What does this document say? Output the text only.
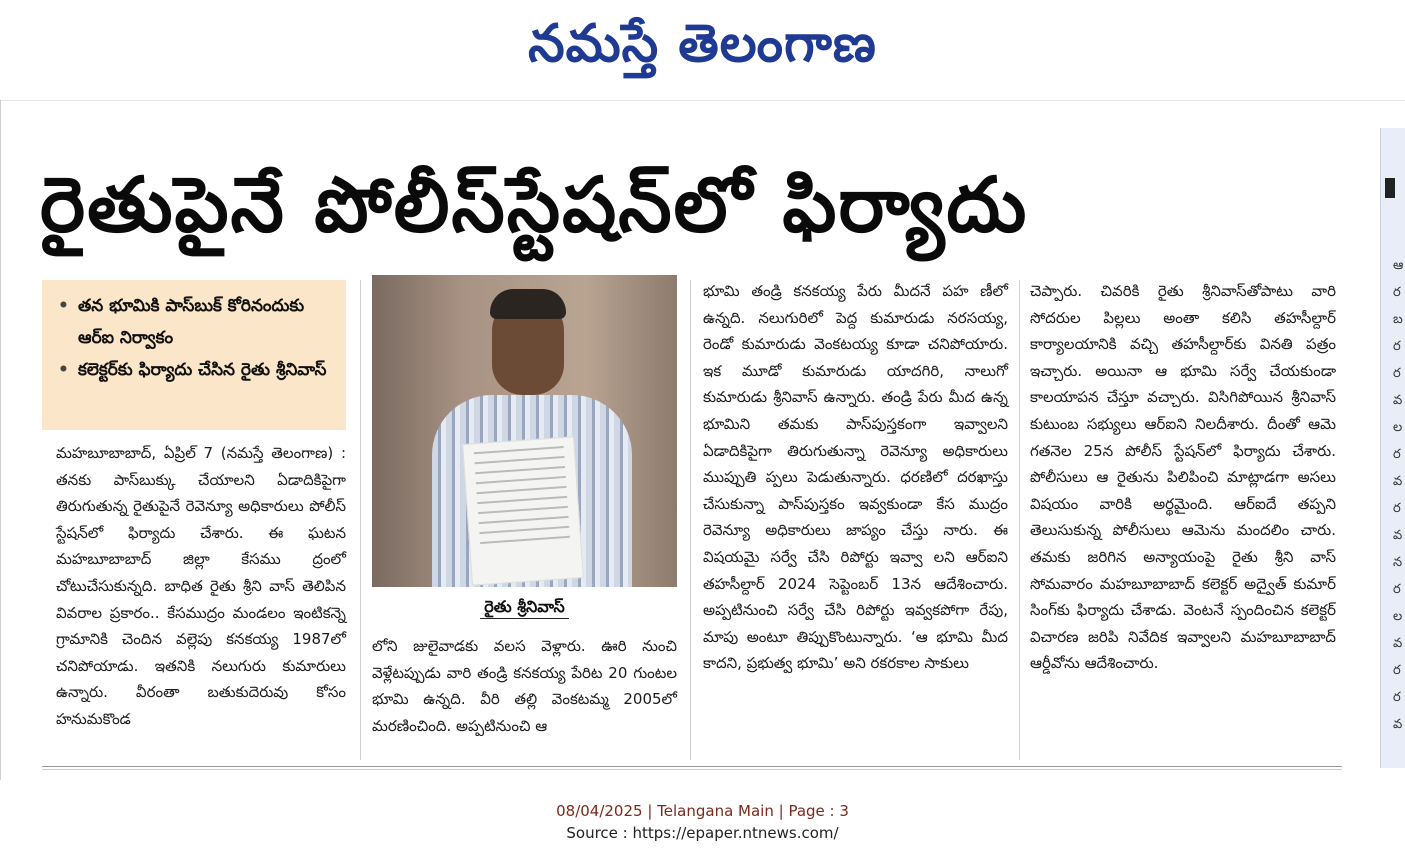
నమస్తే తెలంగాణ
రైతుపైనే పోలీస్‌స్టేషన్‌లో ఫిర్యాదు
ఆ
ర
బ
ర
ర
వ
ల
ర
వ
ర
వ
న
ర
ల
వ
ర
ర
వ
• తన భూమికి పాస్‌బుక్ కోరినందుకు ఆర్‌ఐ నిర్వాకం
• కలెక్టర్‌కు ఫిర్యాదు చేసిన రైతు శ్రీనివాస్
మహబూబాబాద్, ఏప్రిల్ 7 (నమస్తే తెలంగాణ) : తనకు పాస్‌బుక్కు చేయాలని ఏడాదికిపైగా తిరుగుతున్న రైతుపైనే రెవెన్యూ అధికారులు పోలీస్ స్టేషన్‌లో ఫిర్యాదు చేశారు. ఈ ఘటన మహబూబాబాద్ జిల్లా కేసము ద్రంలో చోటుచేసుకున్నది. బాధిత రైతు శ్రీని వాస్ తెలిపిన వివరాల ప్రకారం.. కేసముద్రం మండలం ఇంటికన్నె గ్రామానికి చెందిన వల్లెపు కనకయ్య 1987లో చనిపోయాడు. ఇతనికి నలుగురు కుమారులు ఉన్నారు. వీరంతా బతుకుదెరువు కోసం హనుమకొండ
రైతు శ్రీనివాస్
లోని జులైవాడకు వలస వెళ్లారు. ఊరి నుంచి వెళ్లేటప్పుడు వారి తండ్రి కనకయ్య పేరిట 20 గుంటల భూమి ఉన్నది. వీరి తల్లి వెంకటమ్మ 2005లో మరణించింది. అప్పటినుంచి ఆ
భూమి తండ్రి కనకయ్య పేరు మీదనే పహ ణీలో ఉన్నది. నలుగురిలో పెద్ద కుమారుడు నరసయ్య, రెండో కుమారుడు వెంకటయ్య కూడా చనిపోయారు. ఇక మూడో కుమారుడు యాదగిరి, నాలుగో కుమారుడు శ్రీనివాస్ ఉన్నారు. తండ్రి పేరు మీద ఉన్న భూమిని తమకు పాస్‌పుస్తకంగా ఇవ్వాలని ఏడాదికిపైగా తిరుగుతున్నా రెవెన్యూ అధికారులు ముప్పుతి ప్పలు పెడుతున్నారు. ధరణిలో దరఖాస్తు చేసుకున్నా పాస్‌పుస్తకం ఇవ్వకుండా కేస ముద్రం రెవెన్యూ అధికారులు జాప్యం చేస్తు నారు. ఈ విషయమై సర్వే చేసి రిపోర్టు ఇవ్వా లని ఆర్‌ఐని తహసీల్దార్ 2024 సెప్టెంబర్ 13న ఆదేశించారు. అప్పటినుంచి సర్వే చేసి రిపోర్టు ఇవ్వకపోగా రేపు, మాపు అంటూ తిప్పుకొంటున్నారు. ‘ఆ భూమి మీద కాదని, ప్రభుత్వ భూమి’ అని రకరకాల సాకులు
చెప్పారు. చివరికి రైతు శ్రీనివాస్‌తోపాటు వారి సోదరుల పిల్లలు అంతా కలిసి తహసీల్దార్ కార్యాలయానికి వచ్చి తహసీల్దార్‌కు వినతి పత్రం ఇచ్చారు. అయినా ఆ భూమి సర్వే చేయకుండా కాలయాపన చేస్తూ వచ్చారు. విసిగిపోయిన శ్రీనివాస్ కుటుంబ సభ్యులు ఆర్‌ఐని నిలదీశారు. దీంతో ఆమె గతనెల 25న పోలీస్ స్టేషన్‌లో ఫిర్యాదు చేశారు. పోలీసులు ఆ రైతును పిలిపించి మాట్లాడగా అసలు విషయం వారికి అర్థమైంది. ఆర్‌ఐదే తప్పని తెలుసుకున్న పోలీసులు ఆమెను మందలిం చారు. తమకు జరిగిన అన్యాయంపై రైతు శ్రీని వాస్ సోమవారం మహబూబాబాద్ కలెక్టర్ అద్వైత్ కుమార్ సింగ్‌కు ఫిర్యాదు చేశాడు. వెంటనే స్పందించిన కలెక్టర్ విచారణ జరిపి నివేదిక ఇవ్వాలని మహబూబాబాద్ ఆర్డీవోను ఆదేశించారు.
08/04/2025 | Telangana Main | Page : 3
Source : https://epaper.ntnews.com/
